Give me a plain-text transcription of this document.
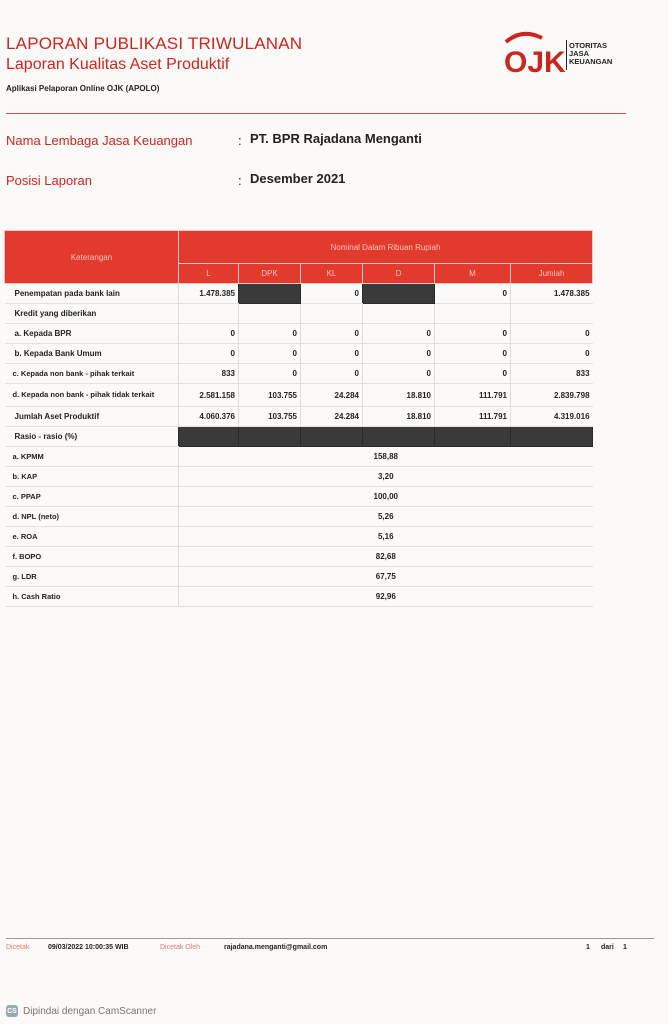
LAPORAN PUBLIKASI TRIWULANAN
Laporan Kualitas Aset Produktif
Aplikasi Pelaporan Online OJK (APOLO)
OJK
OTORITAS
JASA
KEUANGAN
Nama Lembaga Jasa Keuangan	: PT. BPR Rajadana Menganti
Posisi Laporan	: Desember 2021
Keterangan	Nominal Dalam Ribuan Rupiah					
	L	DPK	KL	D	M	Jumlah
Penempatan pada bank lain	1.478.385		0		0	1.478.385
Kredit yang diberikan						
a. Kepada BPR	0	0	0	0	0	0
b. Kepada Bank Umum	0	0	0	0	0	0
c. Kepada non bank - pihak terkait	833	0	0	0	0	833
d. Kepada non bank - pihak tidak terkait	2.581.158	103.755	24.284	18.810	111.791	2.839.798
Jumlah Aset Produktif	4.060.376	103.755	24.284	18.810	111.791	4.319.016
Rasio - rasio (%)						
a. KPMM	158,88					
b. KAP	3,20					
c. PPAP	100,00					
d. NPL (neto)	5,26					
e. ROA	5,16					
f. BOPO	82,68					
g. LDR	67,75					
h. Cash Ratio	92,96					
Dicetak	09/03/2022 10:00:35 WIB	Dicetak Oleh	rajadana.menganti@gmail.com	1 dari 1
CS Dipindai dengan CamScanner
